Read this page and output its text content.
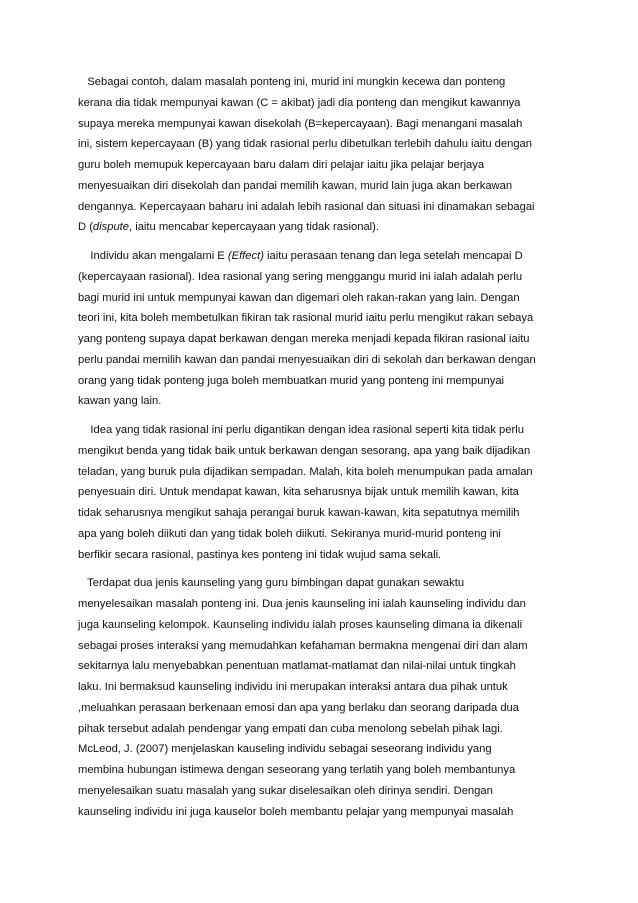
Sebagai contoh, dalam masalah ponteng ini, murid ini mungkin kecewa dan ponteng
kerana dia tidak mempunyai kawan (C = akibat) jadi dia ponteng dan mengikut kawannya
supaya mereka mempunyai kawan disekolah (B=kepercayaan). Bagi menangani masalah
ini, sistem kepercayaan (B) yang tidak rasional perlu dibetulkan terlebih dahulu iaitu dengan
guru boleh memupuk kepercayaan baru dalam diri pelajar iaitu jika pelajar berjaya
menyesuaikan diri disekolah dan pandai memilih kawan, murid lain juga akan berkawan
dengannya. Kepercayaan baharu ini adalah lebih rasional dan situasi ini dinamakan sebagai
D (dispute, iaitu mencabar kepercayaan yang tidak rasional).
Individu akan mengalami E (Effect) iaitu perasaan tenang dan lega setelah mencapai D
(kepercayaan rasional). Idea rasional yang sering menggangu murid ini ialah adalah perlu
bagi murid ini untuk mempunyai kawan dan digemari oleh rakan-rakan yang lain. Dengan
teori ini, kita boleh membetulkan fikiran tak rasional murid iaitu perlu mengikut rakan sebaya
yang ponteng supaya dapat berkawan dengan mereka menjadi kepada fikiran rasional iaitu
perlu pandai memilih kawan dan pandai menyesuaikan diri di sekolah dan berkawan dengan
orang yang tidak ponteng juga boleh membuatkan murid yang ponteng ini mempunyai
kawan yang lain.
Idea yang tidak rasional ini perlu digantikan dengan idea rasional seperti kita tidak perlu
mengikut benda yang tidak baik untuk berkawan dengan sesorang, apa yang baik dijadikan
teladan, yang buruk pula dijadikan sempadan. Malah, kita boleh menumpukan pada amalan
penyesuain diri. Untuk mendapat kawan, kita seharusnya bijak untuk memilih kawan, kita
tidak seharusnya mengikut sahaja perangai buruk kawan-kawan, kita sepatutnya memilih
apa yang boleh diikuti dan yang tidak boleh diikuti. Sekiranya murid-murid ponteng ini
berfikir secara rasional, pastinya kes ponteng ini tidak wujud sama sekali.
Terdapat dua jenis kaunseling yang guru bimbingan dapat gunakan sewaktu
menyelesaikan masalah ponteng ini. Dua jenis kaunseling ini ialah kaunseling individu dan
juga kaunseling kelompok. Kaunseling individu ialah proses kaunseling dimana ia dikenali
sebagai proses interaksi yang memudahkan kefahaman bermakna mengenai diri dan alam
sekitarnya lalu menyebabkan penentuan matlamat-matlamat dan nilai-nilai untuk tingkah
laku. Ini bermaksud kaunseling individu ini merupakan interaksi antara dua pihak untuk
,meluahkan perasaan berkenaan emosi dan apa yang berlaku dan seorang daripada dua
pihak tersebut adalah pendengar yang empati dan cuba menolong sebelah pihak lagi.
McLeod, J. (2007) menjelaskan kauseling individu sebagai seseorang individu yang
membina hubungan istimewa dengan seseorang yang terlatih yang boleh membantunya
menyelesaikan suatu masalah yang sukar diselesaikan oleh dirinya sendiri. Dengan
kaunseling individu ini juga kauselor boleh membantu pelajar yang mempunyai masalah
